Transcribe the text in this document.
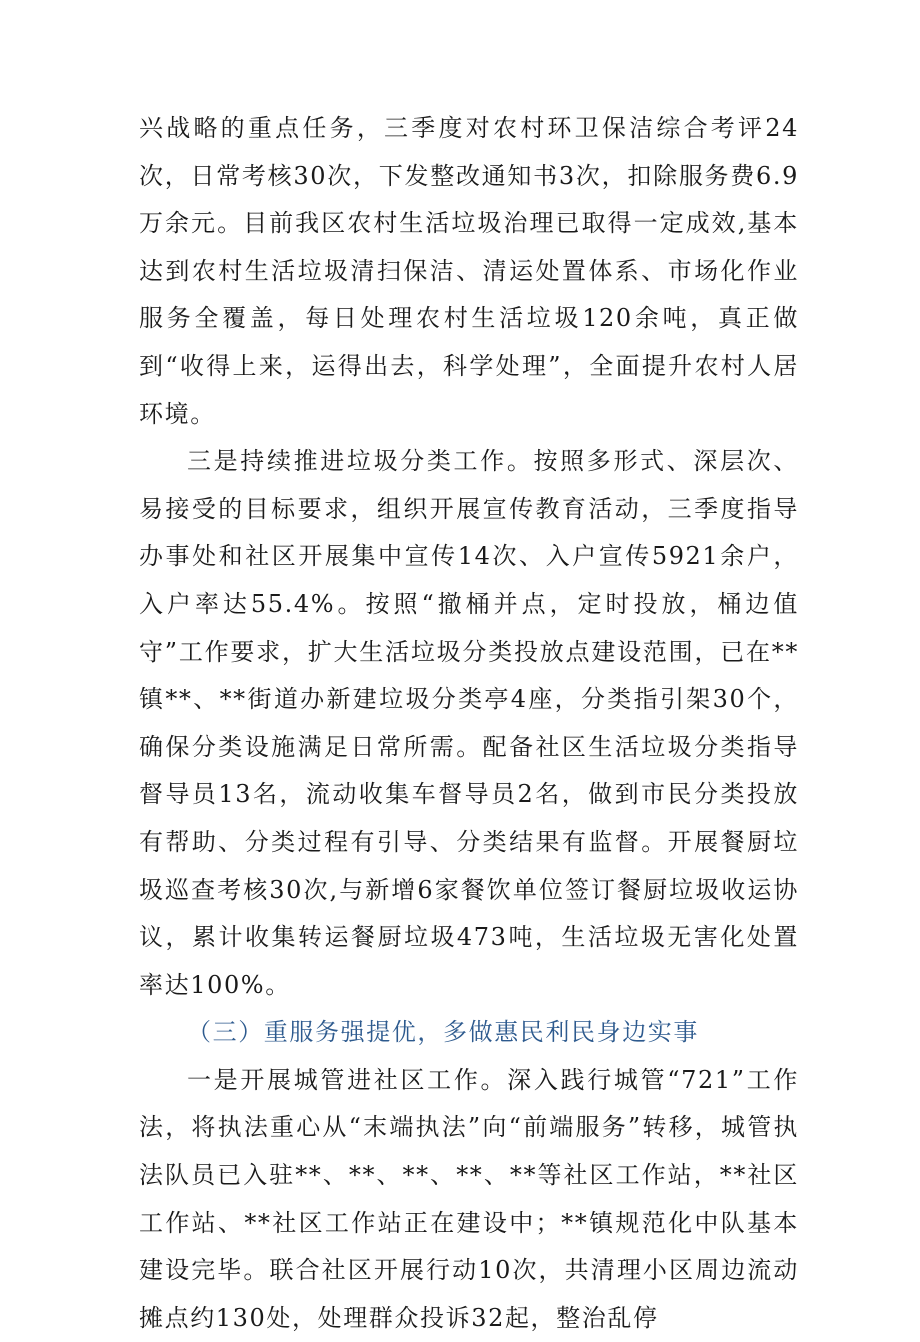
兴战略的重点任务，三季度对农村环卫保洁综合考评24次，日常考核30次，下发整改通知书3次，扣除服务费6.9万余元。目前我区农村生活垃圾治理已取得一定成效,基本达到农村生活垃圾清扫保洁、清运处置体系、市场化作业服务全覆盖，每日处理农村生活垃圾120余吨，真正做到“收得上来，运得出去，科学处理”，全面提升农村人居环境。

三是持续推进垃圾分类工作。按照多形式、深层次、易接受的目标要求，组织开展宣传教育活动，三季度指导办事处和社区开展集中宣传14次、入户宣传5921余户，入户率达55.4%。按照“撤桶并点，定时投放，桶边值守”工作要求，扩大生活垃圾分类投放点建设范围，已在**镇**、**街道办新建垃圾分类亭4座，分类指引架30个，确保分类设施满足日常所需。配备社区生活垃圾分类指导督导员13名，流动收集车督导员2名，做到市民分类投放有帮助、分类过程有引导、分类结果有监督。开展餐厨垃圾巡查考核30次,与新增6家餐饮单位签订餐厨垃圾收运协议，累计收集转运餐厨垃圾473吨，生活垃圾无害化处置率达100%。

（三）重服务强提优，多做惠民利民身边实事

一是开展城管进社区工作。深入践行城管“721”工作法，将执法重心从“末端执法”向“前端服务”转移，城管执法队员已入驻**、**、**、**、**等社区工作站，**社区工作站、**社区工作站正在建设中；**镇规范化中队基本建设完毕。联合社区开展行动10次，共清理小区周边流动摊点约130处，处理群众投诉32起，整治乱停
